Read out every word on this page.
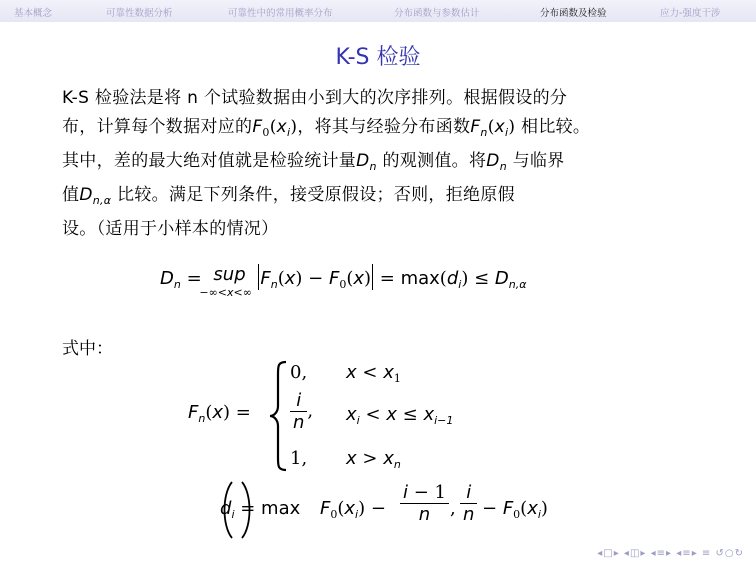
基本概念	可靠性数据分析	可靠性中的常用概率分布	分布函数与参数估计	分布函数及检验	应力-强度干涉
K-S 检验
K-S 检验法是将 n 个试验数据由小到大的次序排列。根据假设的分
布，计算每个数据对应的$F_0(x_i)$，将其与经验分布函数$F_n(x_i)$ 相比较。
其中，差的最大绝对值就是检验统计量$D_n$ 的观测值。将$D_n$ 与临界
值$D_{n,\alpha}$ 比较。满足下列条件，接受原假设；否则，拒绝原假
设。（适用于小样本的情况）
$D_n$ = sup
−∞<x<∞
$F_n(x) - F_0(x) = \max(d_i) \le D_{n,\alpha}$
式中：
$F_n(x)$ =
0, $x < x_1$
$\frac{i}{n}$ , $x_i < x \le x_{i-1}$
1, $x > x_n$
$d_i = \max$
$F_0(x_i) - \frac{i - 1}{n}$ , $\frac{i}{n} - F_0(x_i)$
◂□▸ ◂◫▸ ◂≡▸ ◂≡▸ ≡ ↺○↻
